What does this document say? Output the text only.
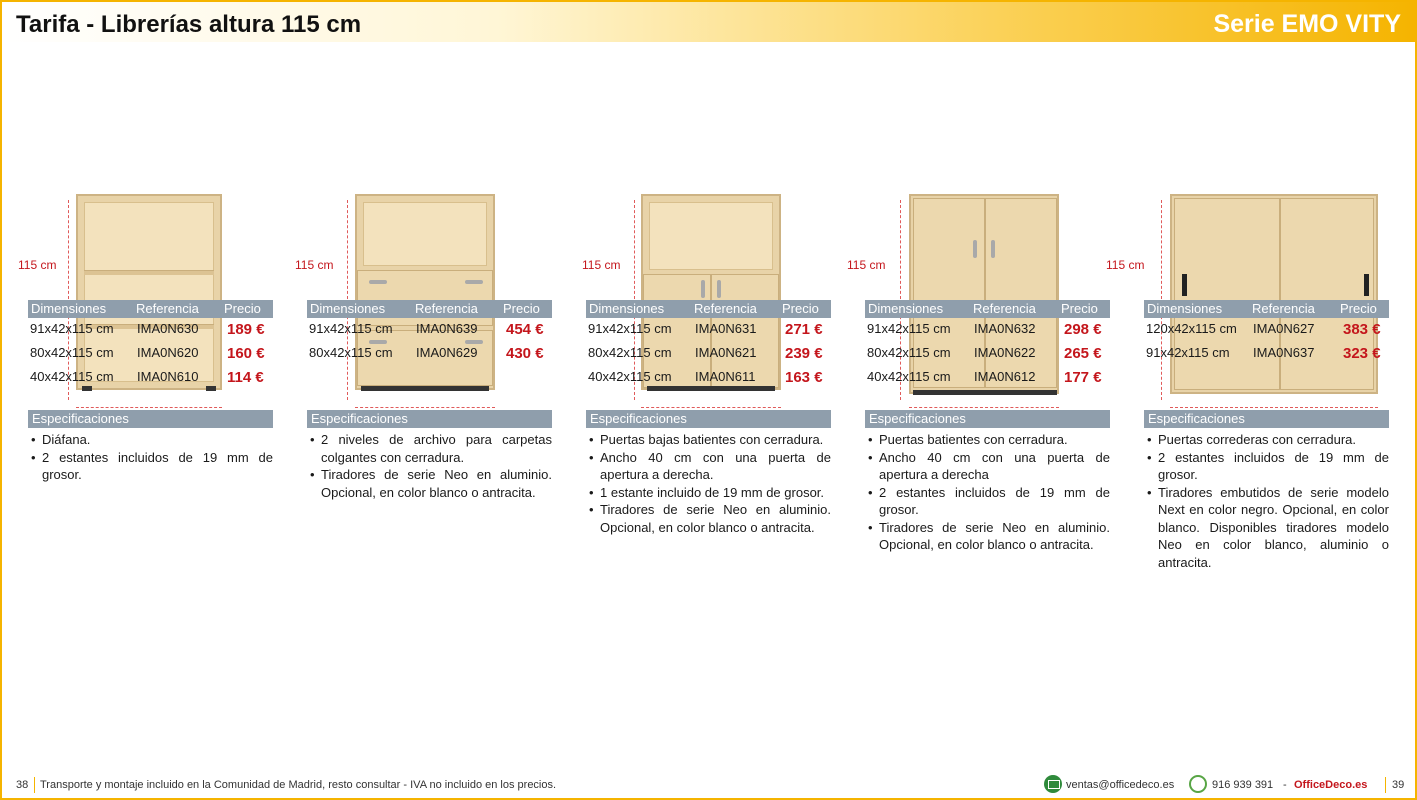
Tarifa - Librerías altura 115 cm	Serie EMO VITY
115 cm	115 cm	115 cm	115 cm	115 cm
Dimensiones Referencia Precio
91x42x115 cm IMA0N630 189 €
80x42x115 cm IMA0N620 160 €
40x42x115 cm IMA0N610 114 €
Especificaciones
• Diáfana.
• 2 estantes incluidos de 19 mm de grosor.
Dimensiones Referencia Precio
91x42x115 cm IMA0N639 454 €
80x42x115 cm IMA0N629 430 €
Especificaciones
• 2 niveles de archivo para carpetas colgantes con cerradura.
• Tiradores de serie Neo en aluminio. Opcional, en color blanco o antracita.
Dimensiones Referencia Precio
91x42x115 cm IMA0N631 271 €
80x42x115 cm IMA0N621 239 €
40x42x115 cm IMA0N611 163 €
Especificaciones
• Puertas bajas batientes con cerradura.
• Ancho 40 cm con una puerta de apertura a derecha.
• 1 estante incluido de 19 mm de grosor.
• Tiradores de serie Neo en aluminio. Opcional, en color blanco o antracita.
Dimensiones Referencia Precio
91x42x115 cm IMA0N632 298 €
80x42x115 cm IMA0N622 265 €
40x42x115 cm IMA0N612 177 €
Especificaciones
• Puertas batientes con cerradura.
• Ancho 40 cm con una puerta de apertura a derecha
• 2 estantes incluidos de 19 mm de grosor.
• Tiradores de serie Neo en aluminio. Opcional, en color blanco o antracita.
Dimensiones Referencia Precio
120x42x115 cm IMA0N627 383 €
91x42x115 cm IMA0N637 323 €
Especificaciones
• Puertas correderas con cerradura.
• 2 estantes incluidos de 19 mm de grosor.
• Tiradores embutidos de serie modelo Next en color negro. Opcional, en color blanco. Disponibles tiradores modelo Neo en color blanco, aluminio o antracita.
38 Transporte y montaje incluido en la Comunidad de Madrid, resto consultar - IVA no incluido en los precios.	ventas@officedeco.es	916 939 391 - OfficeDeco.es 39
